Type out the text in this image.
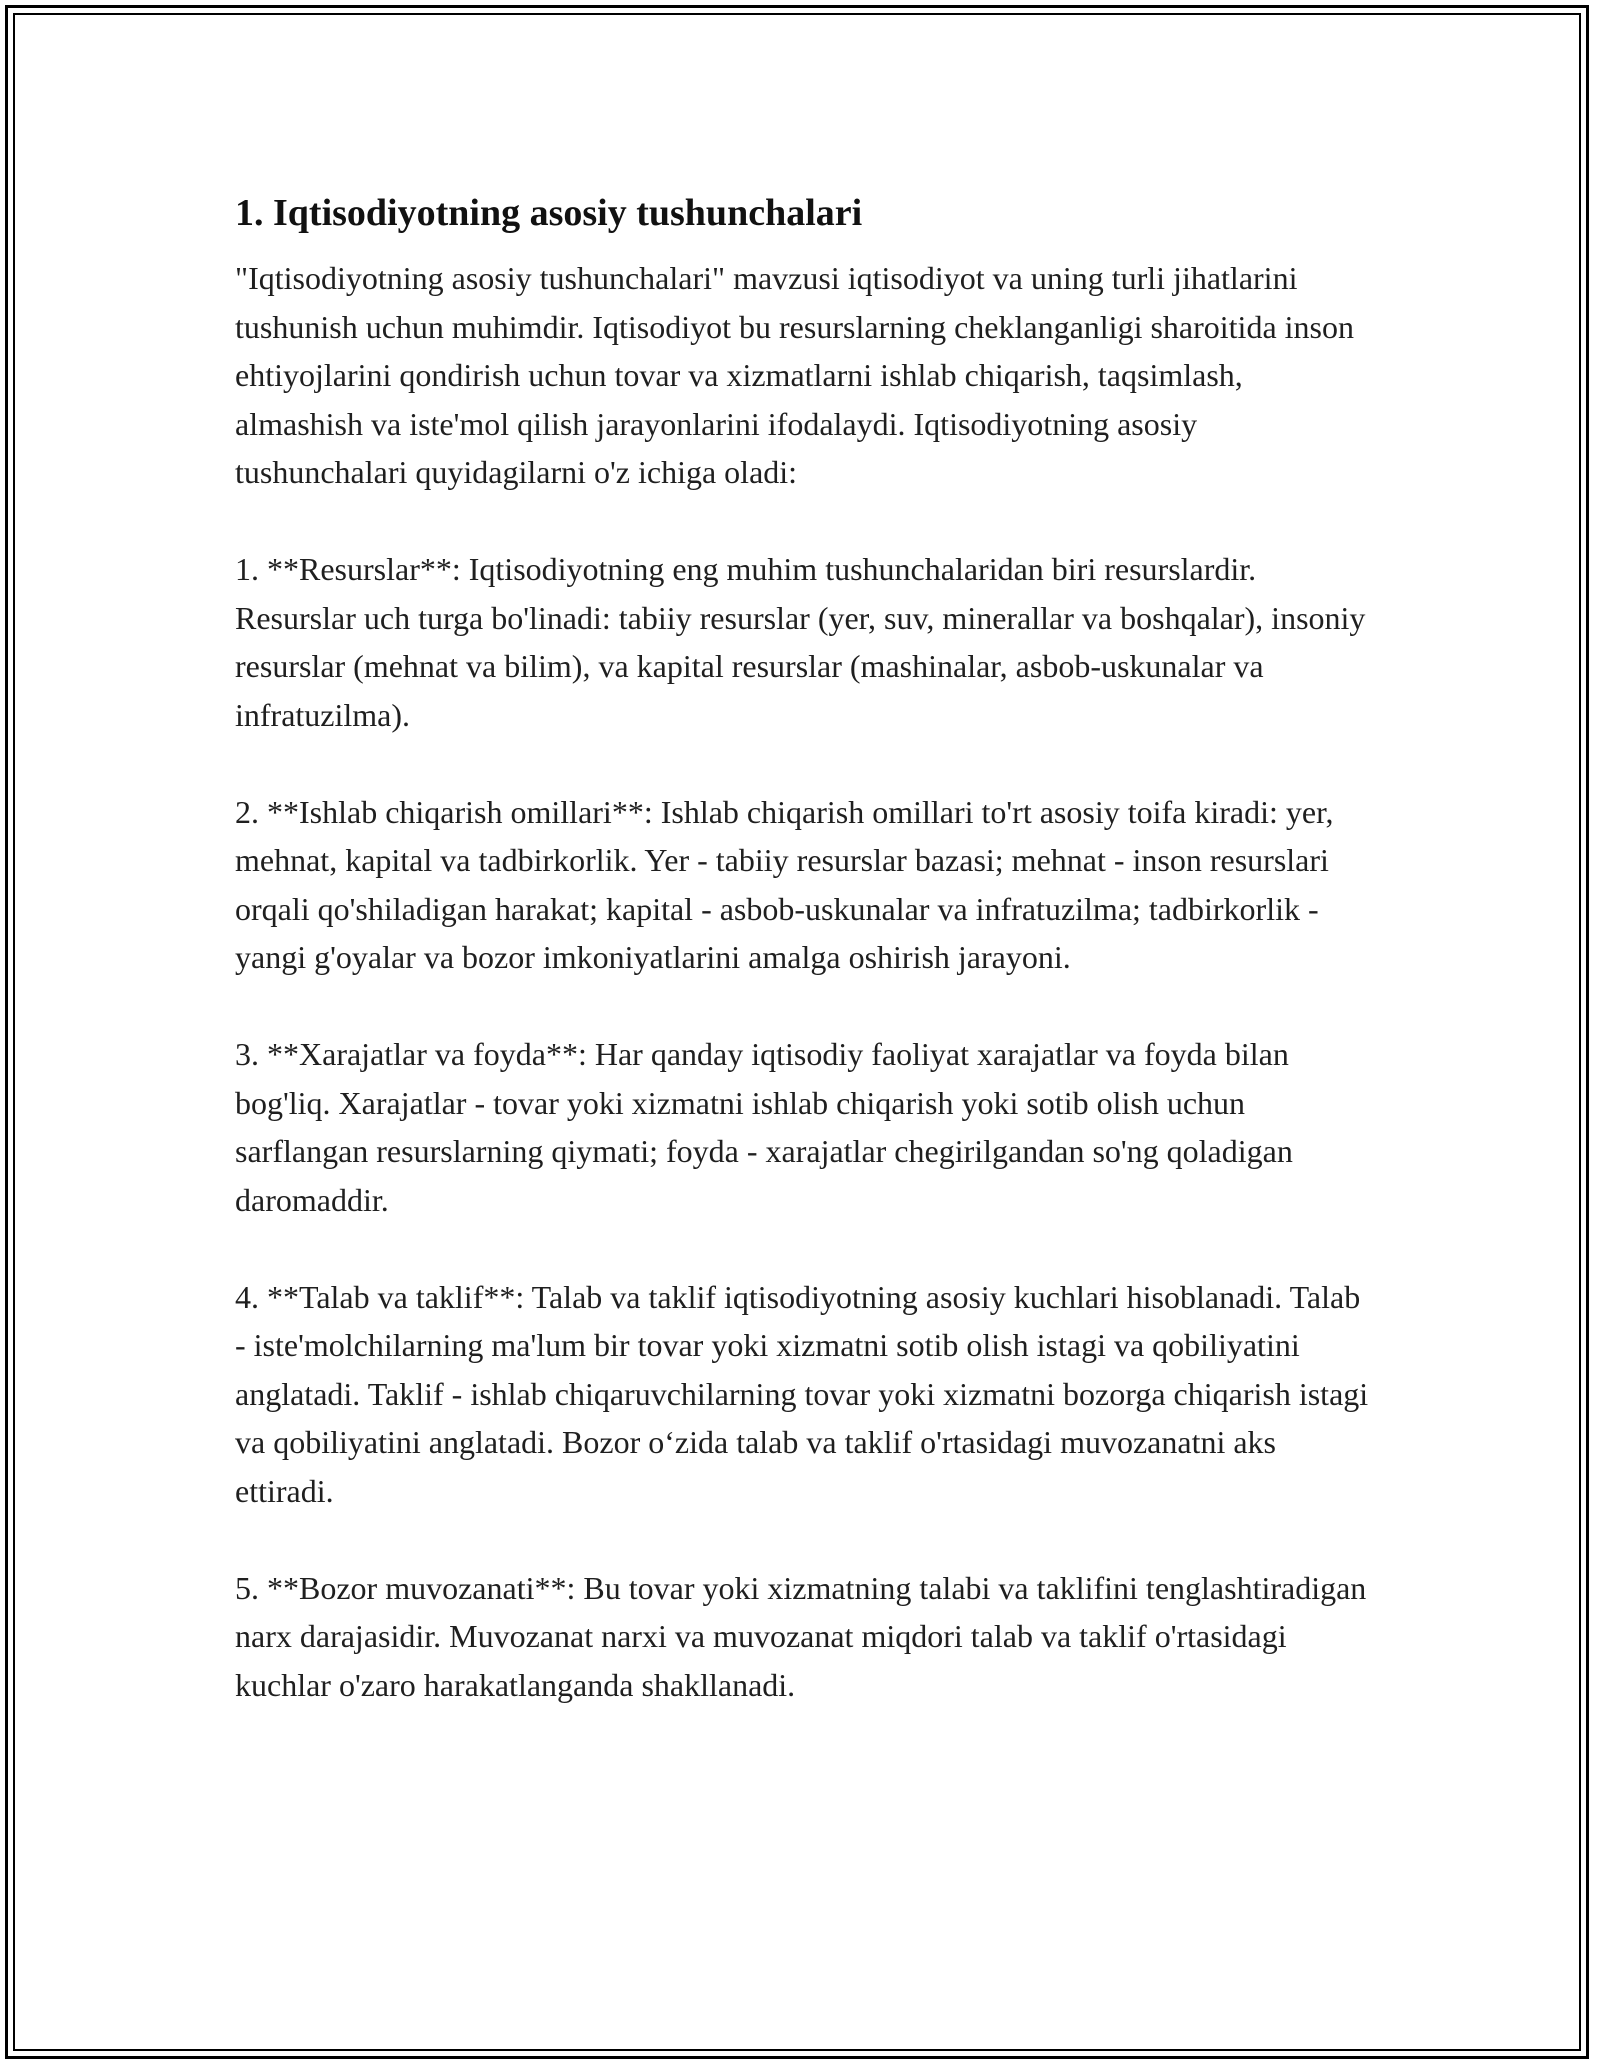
1. Iqtisodiyotning asosiy tushunchalari

"Iqtisodiyotning asosiy tushunchalari" mavzusi iqtisodiyot va uning turli jihatlarini tushunish uchun muhimdir. Iqtisodiyot bu resurslarning cheklanganligi sharoitida inson ehtiyojlarini qondirish uchun tovar va xizmatlarni ishlab chiqarish, taqsimlash, almashish va iste'mol qilish jarayonlarini ifodalaydi. Iqtisodiyotning asosiy tushunchalari quyidagilarni o'z ichiga oladi:

1. **Resurslar**: Iqtisodiyotning eng muhim tushunchalaridan biri resurslardir. Resurslar uch turga bo'linadi: tabiiy resurslar (yer, suv, minerallar va boshqalar), insoniy resurslar (mehnat va bilim), va kapital resurslar (mashinalar, asbob-uskunalar va infratuzilma).

2. **Ishlab chiqarish omillari**: Ishlab chiqarish omillari to'rt asosiy toifa kiradi: yer, mehnat, kapital va tadbirkorlik. Yer - tabiiy resurslar bazasi; mehnat - inson resurslari orqali qo'shiladigan harakat; kapital - asbob-uskunalar va infratuzilma; tadbirkorlik - yangi g'oyalar va bozor imkoniyatlarini amalga oshirish jarayoni.

3. **Xarajatlar va foyda**: Har qanday iqtisodiy faoliyat xarajatlar va foyda bilan bog'liq. Xarajatlar - tovar yoki xizmatni ishlab chiqarish yoki sotib olish uchun sarflangan resurslarning qiymati; foyda - xarajatlar chegirilgandan so'ng qoladigan daromaddir.

4. **Talab va taklif**: Talab va taklif iqtisodiyotning asosiy kuchlari hisoblanadi. Talab - iste'molchilarning ma'lum bir tovar yoki xizmatni sotib olish istagi va qobiliyatini anglatadi. Taklif - ishlab chiqaruvchilarning tovar yoki xizmatni bozorga chiqarish istagi va qobiliyatini anglatadi. Bozor o‘zida talab va taklif o'rtasidagi muvozanatni aks ettiradi.

5. **Bozor muvozanati**: Bu tovar yoki xizmatning talabi va taklifini tenglashtiradigan narx darajasidir. Muvozanat narxi va muvozanat miqdori talab va taklif o'rtasidagi kuchlar o'zaro harakatlanganda shakllanadi.
